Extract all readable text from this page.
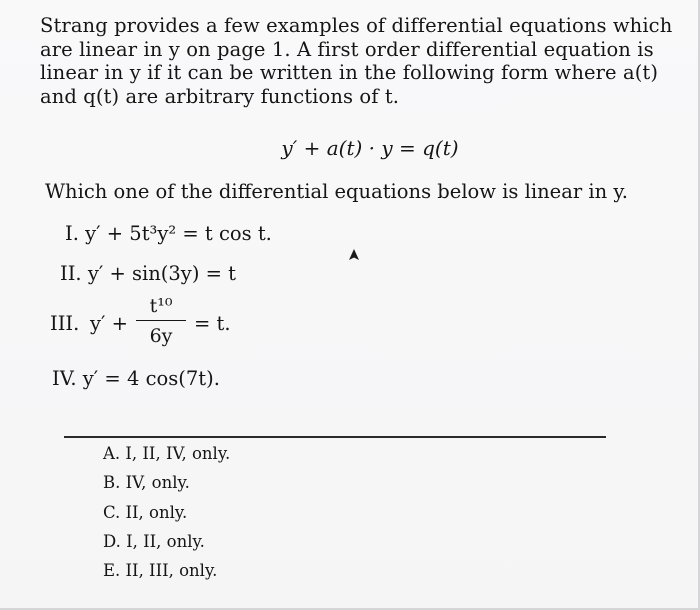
Strang provides a few examples of differential equations which
are linear in y on page 1. A first order differential equation is
linear in y if it can be written in the following form where a(t)
and q(t) are arbitrary functions of t.
y′ + a(t) · y = q(t)
Which one of the differential equations below is linear in y.
I. y′ + 5t³y² = t cos t.
II. y′ + sin(3y) = t
III. y′ +
t¹⁰
6y
= t.
IV. y′ = 4 cos(7t).
A. I, II, IV, only.
B. IV, only.
C. II, only.
D. I, II, only.
E. II, III, only.
